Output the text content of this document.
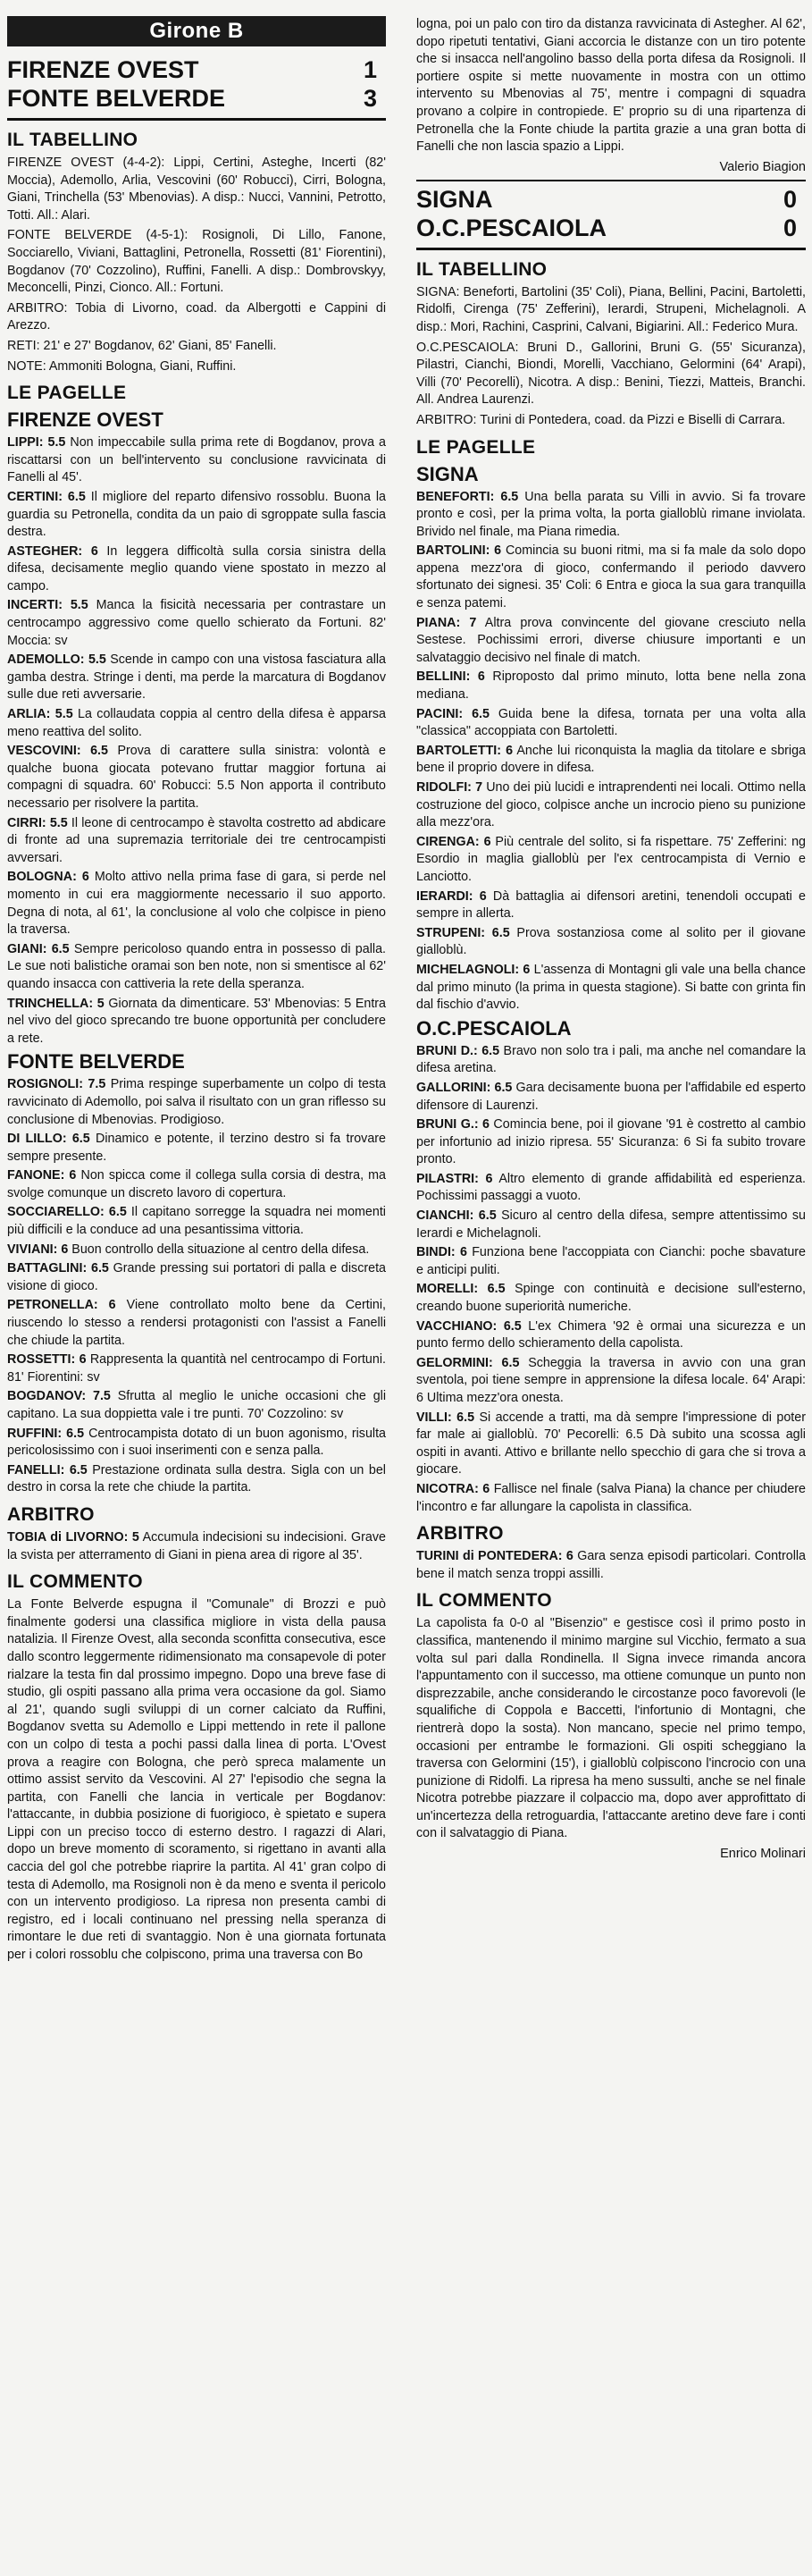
Girone B
FIRENZE OVEST	1
FONTE BELVERDE	3
IL TABELLINO

FIRENZE OVEST (4-4-2): Lippi, Certini, Asteghe, Incerti (82' Moccia), Ademollo, Arlia, Vescovini (60' Robucci), Cirri, Bologna, Giani, Trinchella (53' Mbenovias). A disp.: Nucci, Vannini, Petrotto, Totti. All.: Alari.

FONTE BELVERDE (4-5-1): Rosignoli, Di Lillo, Fanone, Socciarello, Viviani, Battaglini, Petronella, Rossetti (81' Fiorentini), Bogdanov (70' Cozzolino), Ruffini, Fanelli. A disp.: Dombrovskyy, Meconcelli, Pinzi, Cionco. All.: Fortuni.

ARBITRO: Tobia di Livorno, coad. da Albergotti e Cappini di Arezzo.

RETI: 21' e 27' Bogdanov, 62' Giani, 85' Fanelli.

NOTE: Ammoniti Bologna, Giani, Ruffini.

LE PAGELLE
FIRENZE OVEST

LIPPI: 5.5 Non impeccabile sulla prima rete di Bogdanov, prova a riscattarsi con un bell'intervento su conclusione ravvicinata di Fanelli al 45'.

CERTINI: 6.5 Il migliore del reparto difensivo rossoblu. Buona la guardia su Petronella, condita da un paio di sgroppate sulla fascia destra.

ASTEGHER: 6 In leggera difficoltà sulla corsia sinistra della difesa, decisamente meglio quando viene spostato in mezzo al campo.

INCERTI: 5.5 Manca la fisicità necessaria per contrastare un centrocampo aggressivo come quello schierato da Fortuni. 82' Moccia: sv

ADEMOLLO: 5.5 Scende in campo con una vistosa fasciatura alla gamba destra. Stringe i denti, ma perde la marcatura di Bogdanov sulle due reti avversarie.

ARLIA: 5.5 La collaudata coppia al centro della difesa è apparsa meno reattiva del solito.

VESCOVINI: 6.5 Prova di carattere sulla sinistra: volontà e qualche buona giocata potevano fruttar maggior fortuna ai compagni di squadra. 60' Robucci: 5.5 Non apporta il contributo necessario per risolvere la partita.

CIRRI: 5.5 Il leone di centrocampo è stavolta costretto ad abdicare di fronte ad una supremazia territoriale dei tre centrocampisti avversari.

BOLOGNA: 6 Molto attivo nella prima fase di gara, si perde nel momento in cui era maggiormente necessario il suo apporto. Degna di nota, al 61', la conclusione al volo che colpisce in pieno la traversa.

GIANI: 6.5 Sempre pericoloso quando entra in possesso di palla. Le sue noti balistiche oramai son ben note, non si smentisce al 62' quando insacca con cattiveria la rete della speranza.

TRINCHELLA: 5 Giornata da dimenticare. 53' Mbenovias: 5 Entra nel vivo del gioco sprecando tre buone opportunità per concludere a rete.

FONTE BELVERDE

ROSIGNOLI: 7.5 Prima respinge superbamente un colpo di testa ravvicinato di Ademollo, poi salva il risultato con un gran riflesso su conclusione di Mbenovias. Prodigioso.

DI LILLO: 6.5 Dinamico e potente, il terzino destro si fa trovare sempre presente.

FANONE: 6 Non spicca come il collega sulla corsia di destra, ma svolge comunque un discreto lavoro di copertura.

SOCCIARELLO: 6.5 Il capitano sorregge la squadra nei momenti più difficili e la conduce ad una pesantissima vittoria.

VIVIANI: 6 Buon controllo della situazione al centro della difesa.

BATTAGLINI: 6.5 Grande pressing sui portatori di palla e discreta visione di gioco.

PETRONELLA: 6 Viene controllato molto bene da Certini, riuscendo lo stesso a rendersi protagonisti con l'assist a Fanelli che chiude la partita.

ROSSETTI: 6 Rappresenta la quantità nel centrocampo di Fortuni. 81' Fiorentini: sv

BOGDANOV: 7.5 Sfrutta al meglio le uniche occasioni che gli capitano. La sua doppietta vale i tre punti. 70' Cozzolino: sv

RUFFINI: 6.5 Centrocampista dotato di un buon agonismo, risulta pericolosissimo con i suoi inserimenti con e senza palla.

FANELLI: 6.5 Prestazione ordinata sulla destra. Sigla con un bel destro in corsa la rete che chiude la partita.

ARBITRO

TOBIA di LIVORNO: 5 Accumula indecisioni su indecisioni. Grave la svista per atterramento di Giani in piena area di rigore al 35'.

IL COMMENTO

La Fonte Belverde espugna il "Comunale" di Brozzi e può finalmente godersi una classifica migliore in vista della pausa natalizia. Il Firenze Ovest, alla seconda sconfitta consecutiva, esce dallo scontro leggermente ridimensionato ma consapevole di poter rialzare la testa fin dal prossimo impegno. Dopo una breve fase di studio, gli ospiti passano alla prima vera occasione da gol. Siamo al 21', quando sugli sviluppi di un corner calciato da Ruffini, Bogdanov svetta su Ademollo e Lippi mettendo in rete il pallone con un colpo di testa a pochi passi dalla linea di porta. L'Ovest prova a reagire con Bologna, che però spreca malamente un ottimo assist servito da Vescovini. Al 27' l'episodio che segna la partita, con Fanelli che lancia in verticale per Bogdanov: l'attaccante, in dubbia posizione di fuorigioco, è spietato e supera Lippi con un preciso tocco di esterno destro. I ragazzi di Alari, dopo un breve momento di scoramento, si rigettano in avanti alla caccia del gol che potrebbe riaprire la partita. Al 41' gran colpo di testa di Ademollo, ma Rosignoli non è da meno e sventa il pericolo con un intervento prodigioso. La ripresa non presenta cambi di registro, ed i locali continuano nel pressing nella speranza di rimontare le due reti di svantaggio. Non è una giornata fortunata per i colori rossoblu che colpiscono, prima una traversa con Bo

logna, poi un palo con tiro da distanza ravvicinata di Astegher. Al 62', dopo ripetuti tentativi, Giani accorcia le distanze con un tiro potente che si insacca nell'angolino basso della porta difesa da Rosignoli. Il portiere ospite si mette nuovamente in mostra con un ottimo intervento su Mbenovias al 75', mentre i compagni di squadra provano a colpire in contropiede. E' proprio su di una ripartenza di Petronella che la Fonte chiude la partita grazie a una gran botta di Fanelli che non lascia spazio a Lippi.

Valerio Biagion
SIGNA	0
O.C.PESCAIOLA	0
IL TABELLINO

SIGNA: Beneforti, Bartolini (35' Coli), Piana, Bellini, Pacini, Bartoletti, Ridolfi, Cirenga (75' Zefferini), Ierardi, Strupeni, Michelagnoli. A disp.: Mori, Rachini, Casprini, Calvani, Bigiarini. All.: Federico Mura.

O.C.PESCAIOLA: Bruni D., Gallorini, Bruni G. (55' Sicuranza), Pilastri, Cianchi, Biondi, Morelli, Vacchiano, Gelormini (64' Arapi), Villi (70' Pecorelli), Nicotra. A disp.: Benini, Tiezzi, Matteis, Branchi. All. Andrea Laurenzi.

ARBITRO: Turini di Pontedera, coad. da Pizzi e Biselli di Carrara.

LE PAGELLE
SIGNA

BENEFORTI: 6.5 Una bella parata su Villi in avvio. Si fa trovare pronto e così, per la prima volta, la porta gialloblù rimane inviolata. Brivido nel finale, ma Piana rimedia.

BARTOLINI: 6 Comincia su buoni ritmi, ma si fa male da solo dopo appena mezz'ora di gioco, confermando il periodo davvero sfortunato dei signesi. 35' Coli: 6 Entra e gioca la sua gara tranquilla e senza patemi.

PIANA: 7 Altra prova convincente del giovane cresciuto nella Sestese. Pochissimi errori, diverse chiusure importanti e un salvataggio decisivo nel finale di match.

BELLINI: 6 Riproposto dal primo minuto, lotta bene nella zona mediana.

PACINI: 6.5 Guida bene la difesa, tornata per una volta alla "classica" accoppiata con Bartoletti.

BARTOLETTI: 6 Anche lui riconquista la maglia da titolare e sbriga bene il proprio dovere in difesa.

RIDOLFI: 7 Uno dei più lucidi e intraprendenti nei locali. Ottimo nella costruzione del gioco, colpisce anche un incrocio pieno su punizione alla mezz'ora.

CIRENGA: 6 Più centrale del solito, si fa rispettare. 75' Zefferini: ng Esordio in maglia gialloblù per l'ex centrocampista di Vernio e Lanciotto.

IERARDI: 6 Dà battaglia ai difensori aretini, tenendoli occupati e sempre in allerta.

STRUPENI: 6.5 Prova sostanziosa come al solito per il giovane gialloblù.

MICHELAGNOLI: 6 L'assenza di Montagni gli vale una bella chance dal primo minuto (la prima in questa stagione). Si batte con grinta fin dal fischio d'avvio.

O.C.PESCAIOLA

BRUNI D.: 6.5 Bravo non solo tra i pali, ma anche nel comandare la difesa aretina.

GALLORINI: 6.5 Gara decisamente buona per l'affidabile ed esperto difensore di Laurenzi.

BRUNI G.: 6 Comincia bene, poi il giovane '91 è costretto al cambio per infortunio ad inizio ripresa. 55' Sicuranza: 6 Si fa subito trovare pronto.

PILASTRI: 6 Altro elemento di grande affidabilità ed esperienza. Pochissimi passaggi a vuoto.

CIANCHI: 6.5 Sicuro al centro della difesa, sempre attentissimo su Ierardi e Michelagnoli.

BINDI: 6 Funziona bene l'accoppiata con Cianchi: poche sbavature e anticipi puliti.

MORELLI: 6.5 Spinge con continuità e decisione sull'esterno, creando buone superiorità numeriche.

VACCHIANO: 6.5 L'ex Chimera '92 è ormai una sicurezza e un punto fermo dello schieramento della capolista.

GELORMINI: 6.5 Scheggia la traversa in avvio con una gran sventola, poi tiene sempre in apprensione la difesa locale. 64' Arapi: 6 Ultima mezz'ora onesta.

VILLI: 6.5 Si accende a tratti, ma dà sempre l'impressione di poter far male ai gialloblù. 70' Pecorelli: 6.5 Dà subito una scossa agli ospiti in avanti. Attivo e brillante nello specchio di gara che si trova a giocare.

NICOTRA: 6 Fallisce nel finale (salva Piana) la chance per chiudere l'incontro e far allungare la capolista in classifica.

ARBITRO

TURINI di PONTEDERA: 6 Gara senza episodi particolari. Controlla bene il match senza troppi assilli.

IL COMMENTO

La capolista fa 0-0 al "Bisenzio" e gestisce così il primo posto in classifica, mantenendo il minimo margine sul Vicchio, fermato a sua volta sul pari dalla Rondinella. Il Signa invece rimanda ancora l'appuntamento con il successo, ma ottiene comunque un punto non disprezzabile, anche considerando le circostanze poco favorevoli (le squalifiche di Coppola e Baccetti, l'infortunio di Montagni, che rientrerà dopo la sosta). Non mancano, specie nel primo tempo, occasioni per entrambe le formazioni. Gli ospiti scheggiano la traversa con Gelormini (15'), i gialloblù colpiscono l'incrocio con una punizione di Ridolfi. La ripresa ha meno sussulti, anche se nel finale Nicotra potrebbe piazzare il colpaccio ma, dopo aver approfittato di un'incertezza della retroguardia, l'attaccante aretino deve fare i conti con il salvataggio di Piana.

Enrico Molinari
